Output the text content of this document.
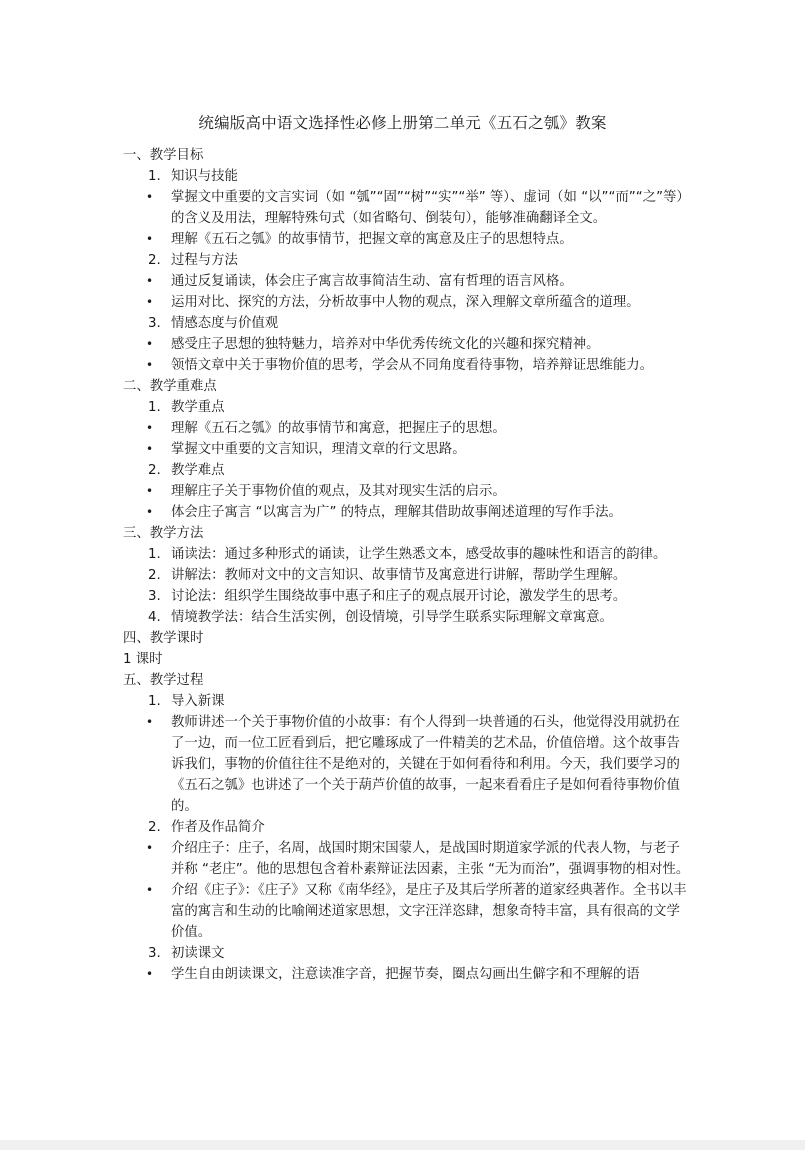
统编版高中语文选择性必修上册第二单元《五石之瓠》教案
一、教学目标
1. 知识与技能
• 掌握文中重要的文言实词（如 “瓠”“固”“树”“实”“举” 等）、虚词（如 “以”“而”“之”等）的含义及用法，理解特殊句式（如省略句、倒装句），能够准确翻译全文。
• 理解《五石之瓠》的故事情节，把握文章的寓意及庄子的思想特点。
2. 过程与方法
• 通过反复诵读，体会庄子寓言故事简洁生动、富有哲理的语言风格。
• 运用对比、探究的方法，分析故事中人物的观点，深入理解文章所蕴含的道理。
3. 情感态度与价值观
• 感受庄子思想的独特魅力，培养对中华优秀传统文化的兴趣和探究精神。
• 领悟文章中关于事物价值的思考，学会从不同角度看待事物，培养辩证思维能力。
二、教学重难点
1. 教学重点
• 理解《五石之瓠》的故事情节和寓意，把握庄子的思想。
• 掌握文中重要的文言知识，理清文章的行文思路。
2. 教学难点
• 理解庄子关于事物价值的观点，及其对现实生活的启示。
• 体会庄子寓言 “以寓言为广” 的特点，理解其借助故事阐述道理的写作手法。
三、教学方法
1. 诵读法：通过多种形式的诵读，让学生熟悉文本，感受故事的趣味性和语言的韵律。
2. 讲解法：教师对文中的文言知识、故事情节及寓意进行讲解，帮助学生理解。
3. 讨论法：组织学生围绕故事中惠子和庄子的观点展开讨论，激发学生的思考。
4. 情境教学法：结合生活实例，创设情境，引导学生联系实际理解文章寓意。
四、教学课时
1 课时
五、教学过程
1. 导入新课
• 教师讲述一个关于事物价值的小故事：有个人得到一块普通的石头，他觉得没用就扔在了一边，而一位工匠看到后，把它雕琢成了一件精美的艺术品，价值倍增。这个故事告诉我们，事物的价值往往不是绝对的，关键在于如何看待和利用。今天，我们要学习的《五石之瓠》也讲述了一个关于葫芦价值的故事，一起来看看庄子是如何看待事物价值的。
2. 作者及作品简介
• 介绍庄子：庄子，名周，战国时期宋国蒙人，是战国时期道家学派的代表人物，与老子并称 “老庄”。他的思想包含着朴素辩证法因素，主张 “无为而治”，强调事物的相对性。
• 介绍《庄子》：《庄子》又称《南华经》，是庄子及其后学所著的道家经典著作。全书以丰富的寓言和生动的比喻阐述道家思想，文字汪洋恣肆，想象奇特丰富，具有很高的文学价值。
3. 初读课文
• 学生自由朗读课文，注意读准字音，把握节奏，圈点勾画出生僻字和不理解的语
